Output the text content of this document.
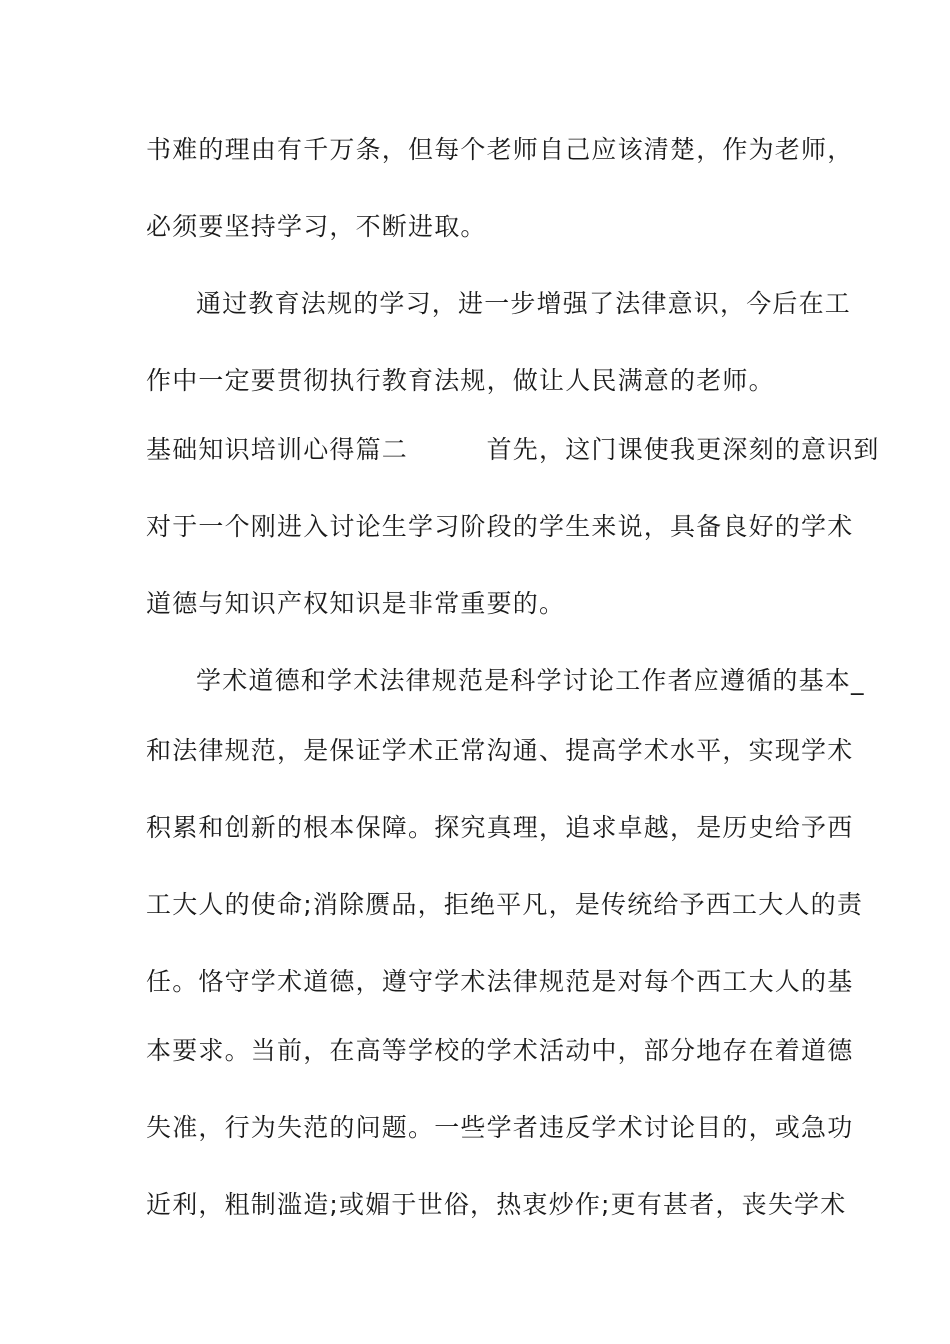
书难的理由有千万条，但每个老师自己应该清楚，作为老师，
必须要坚持学习，不断进取。
通过教育法规的学习，进一步增强了法律意识，今后在工
作中一定要贯彻执行教育法规，做让人民满意的老师。
基础知识培训心得篇二　　　首先，这门课使我更深刻的意识到
对于一个刚进入讨论生学习阶段的学生来说，具备良好的学术
道德与知识产权知识是非常重要的。
学术道德和学术法律规范是科学讨论工作者应遵循的基本_
和法律规范，是保证学术正常沟通、提高学术水平，实现学术
积累和创新的根本保障。探究真理，追求卓越，是历史给予西
工大人的使命;消除赝品，拒绝平凡，是传统给予西工大人的责
任。恪守学术道德，遵守学术法律规范是对每个西工大人的基
本要求。当前，在高等学校的学术活动中，部分地存在着道德
失准，行为失范的问题。一些学者违反学术讨论目的，或急功
近利，粗制滥造;或媚于世俗，热衷炒作;更有甚者，丧失学术
